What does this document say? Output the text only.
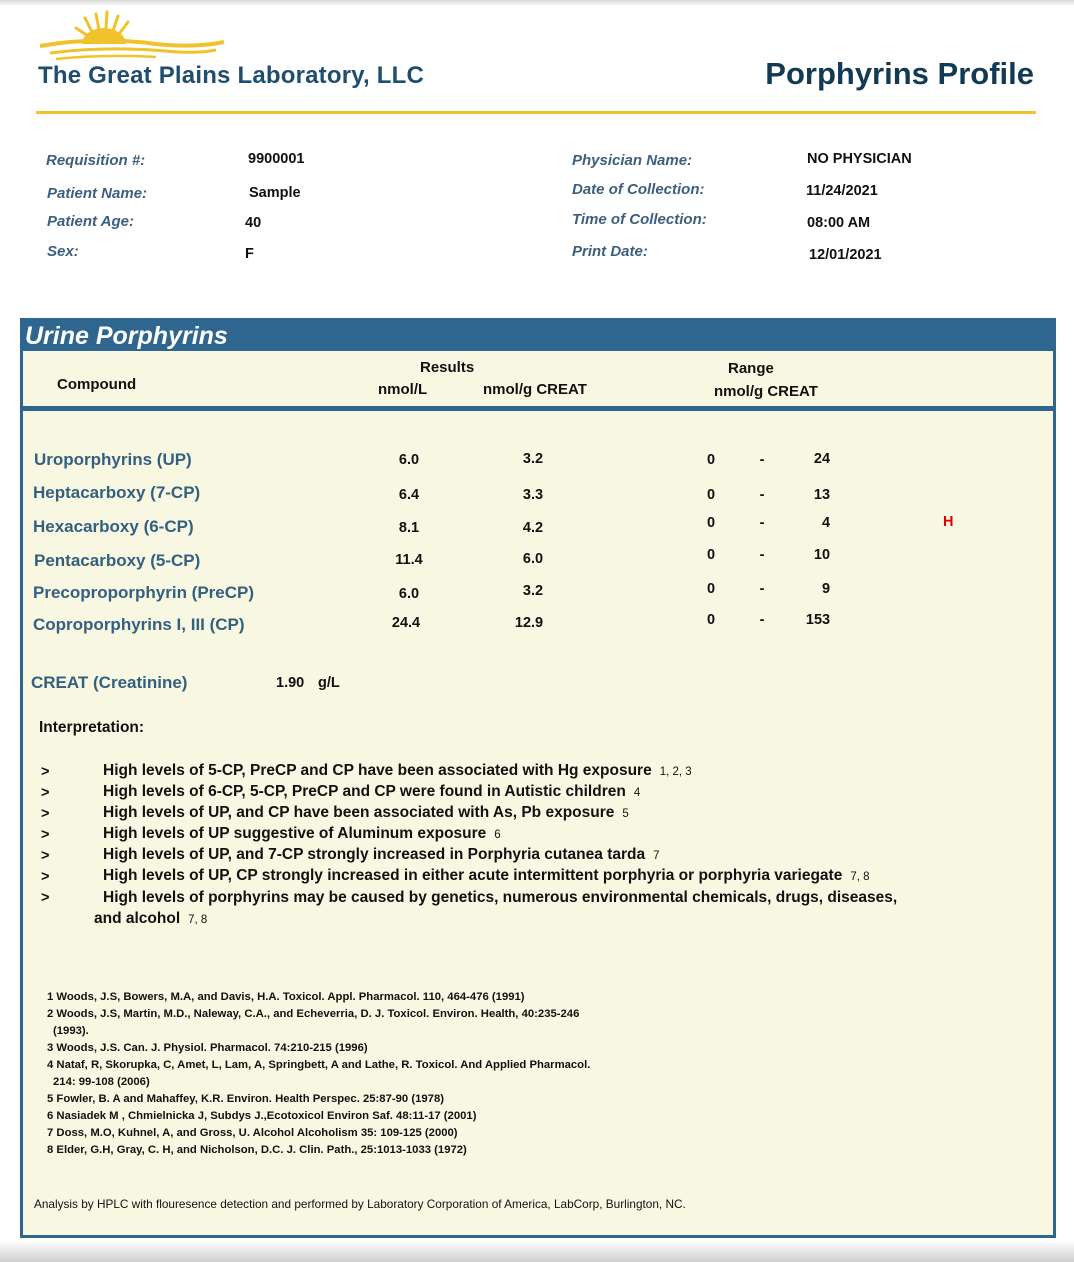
The Great Plains Laboratory, LLC	Porphyrins Profile
Requisition #:	9900001
Patient Name:	Sample
Patient Age:	40
Sex:	F
Physician Name:	NO PHYSICIAN
Date of Collection:	11/24/2021
Time of Collection:	08:00 AM
Print Date:	12/01/2021
Urine Porphyrins
Compound
Results
nmol/L	nmol/g CREAT
Range
nmol/g CREAT
Uroporphyrins (UP)	6.0	3.2	0	-	24
Heptacarboxy (7-CP)	6.4	3.3	0	-	13
Hexacarboxy (6-CP)	8.1	4.2	0	-	4	H
Pentacarboxy (5-CP)	11.4	6.0	0	-	10
Precoproporphyrin (PreCP)	6.0	3.2	0	-	9
Coproporphyrins I, III (CP)	24.4	12.9	0	-	153
CREAT (Creatinine)	1.90 g/L
Interpretation:
>	High levels of 5-CP, PreCP and CP have been associated with Hg exposure 1, 2, 3
>	High levels of 6-CP, 5-CP, PreCP and CP were found in Autistic children 4
>	High levels of UP, and CP have been associated with As, Pb exposure 5
>	High levels of UP suggestive of Aluminum exposure 6
>	High levels of UP, and 7-CP strongly increased in Porphyria cutanea tarda 7
>	High levels of UP, CP strongly increased in either acute intermittent porphyria or porphyria variegate 7, 8
>	High levels of porphyrins may be caused by genetics, numerous environmental chemicals, drugs, diseases,
and alcohol 7, 8
1 Woods, J.S, Bowers, M.A, and Davis, H.A. Toxicol. Appl. Pharmacol. 110, 464-476 (1991)
2 Woods, J.S, Martin, M.D., Naleway, C.A., and Echeverria, D. J. Toxicol. Environ. Health, 40:235-246
(1993).
3 Woods, J.S. Can. J. Physiol. Pharmacol. 74:210-215 (1996)
4 Nataf, R, Skorupka, C, Amet, L, Lam, A, Springbett, A and Lathe, R. Toxicol. And Applied Pharmacol.
214: 99-108 (2006)
5 Fowler, B. A and Mahaffey, K.R. Environ. Health Perspec. 25:87-90 (1978)
6 Nasiadek M , Chmielnicka J, Subdys J.,Ecotoxicol Environ Saf. 48:11-17 (2001)
7 Doss, M.O, Kuhnel, A, and Gross, U. Alcohol Alcoholism 35: 109-125 (2000)
8 Elder, G.H, Gray, C. H, and Nicholson, D.C. J. Clin. Path., 25:1013-1033 (1972)
Analysis by HPLC with flouresence detection and performed by Laboratory Corporation of America, LabCorp, Burlington, NC.
